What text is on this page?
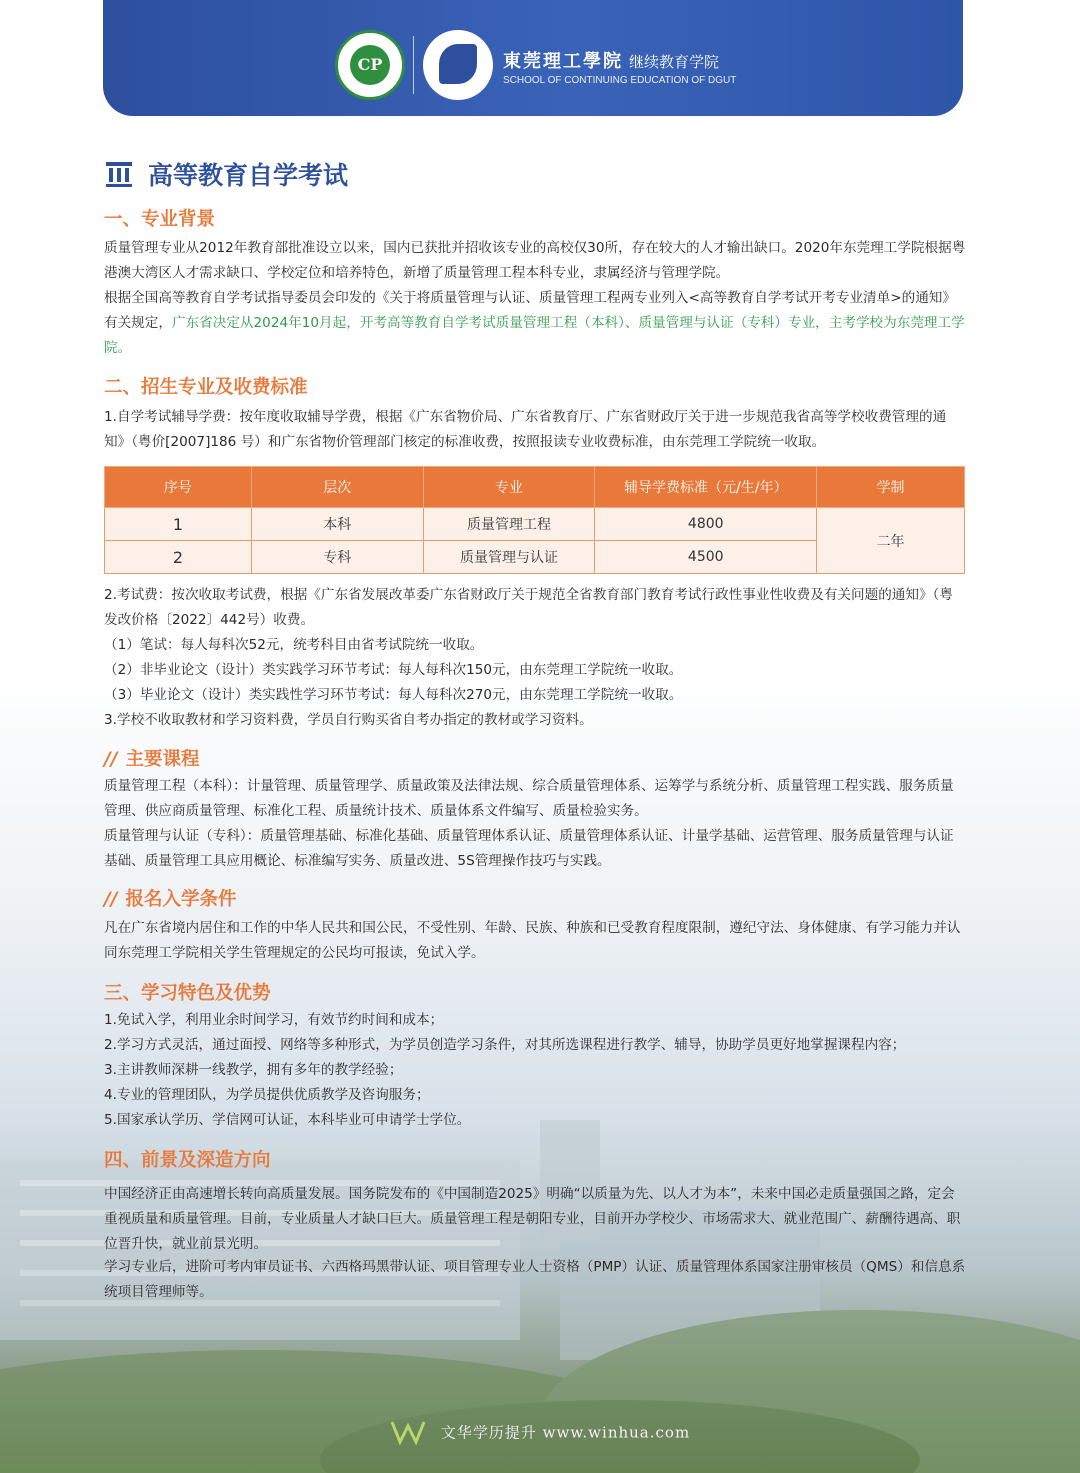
CP	東莞理工學院 继续教育学院
SCHOOL OF CONTINUING EDUCATION OF DGUT
高等教育自学考试
一、专业背景

质量管理专业从2012年教育部批准设立以来，国内已获批并招收该专业的高校仅30所，存在较大的人才输出缺口。2020年东莞理工学院根据粤港澳大湾区人才需求缺口、学校定位和培养特色，新增了质量管理工程本科专业，隶属经济与管理学院。

根据全国高等教育自学考试指导委员会印发的《关于将质量管理与认证、质量管理工程两专业列入<高等教育自学考试开考专业清单>的通知》有关规定，广东省决定从2024年10月起，开考高等教育自学考试质量管理工程（本科）、质量管理与认证（专科）专业，主考学校为东莞理工学院。

二、招生专业及收费标准

1.自学考试辅导学费：按年度收取辅导学费，根据《广东省物价局、广东省教育厅、广东省财政厅关于进一步规范我省高等学校收费管理的通知》（粤价[2007]186 号）和广东省物价管理部门核定的标准收费，按照报读专业收费标准，由东莞理工学院统一收取。

序号	层次	专业	辅导学费标准（元/生/年）	学制
1	本科	质量管理工程	4800	二年
2	专科	质量管理与认证	4500	

2.考试费：按次收取考试费，根据《广东省发展改革委广东省财政厅关于规范全省教育部门教育考试行政性事业性收费及有关问题的通知》（粤发改价格〔2022〕442号）收费。

（1）笔试：每人每科次52元，统考科目由省考试院统一收取。

（2）非毕业论文（设计）类实践学习环节考试：每人每科次150元，由东莞理工学院统一收取。

（3）毕业论文（设计）类实践性学习环节考试：每人每科次270元，由东莞理工学院统一收取。

3.学校不收取教材和学习资料费，学员自行购买省自考办指定的教材或学习资料。

// 主要课程

质量管理工程（本科）：计量管理、质量管理学、质量政策及法律法规、综合质量管理体系、运筹学与系统分析、质量管理工程实践、服务质量管理、供应商质量管理、标准化工程、质量统计技术、质量体系文件编写、质量检验实务。

质量管理与认证（专科）：质量管理基础、标准化基础、质量管理体系认证、质量管理体系认证、计量学基础、运营管理、服务质量管理与认证基础、质量管理工具应用概论、标准编写实务、质量改进、5S管理操作技巧与实践。

// 报名入学条件

凡在广东省境内居住和工作的中华人民共和国公民，不受性别、年龄、民族、种族和已受教育程度限制，遵纪守法、身体健康、有学习能力并认同东莞理工学院相关学生管理规定的公民均可报读，免试入学。

三、学习特色及优势

1.免试入学，利用业余时间学习，有效节约时间和成本；

2.学习方式灵活，通过面授、网络等多种形式，为学员创造学习条件，对其所选课程进行教学、辅导，协助学员更好地掌握课程内容；

3.主讲教师深耕一线教学，拥有多年的教学经验；

4.专业的管理团队，为学员提供优质教学及咨询服务；

5.国家承认学历、学信网可认证，本科毕业可申请学士学位。

四、前景及深造方向

中国经济正由高速增长转向高质量发展。国务院发布的《中国制造2025》明确“以质量为先、以人才为本”，未来中国必走质量强国之路，定会重视质量和质量管理。目前，专业质量人才缺口巨大。质量管理工程是朝阳专业，目前开办学校少、市场需求大、就业范围广、薪酬待遇高、职位晋升快，就业前景光明。

学习专业后，进阶可考内审员证书、六西格玛黑带认证、项目管理专业人士资格（PMP）认证、质量管理体系国家注册审核员（QMS）和信息系统项目管理师等。

文华学历提升 www.winhua.com
